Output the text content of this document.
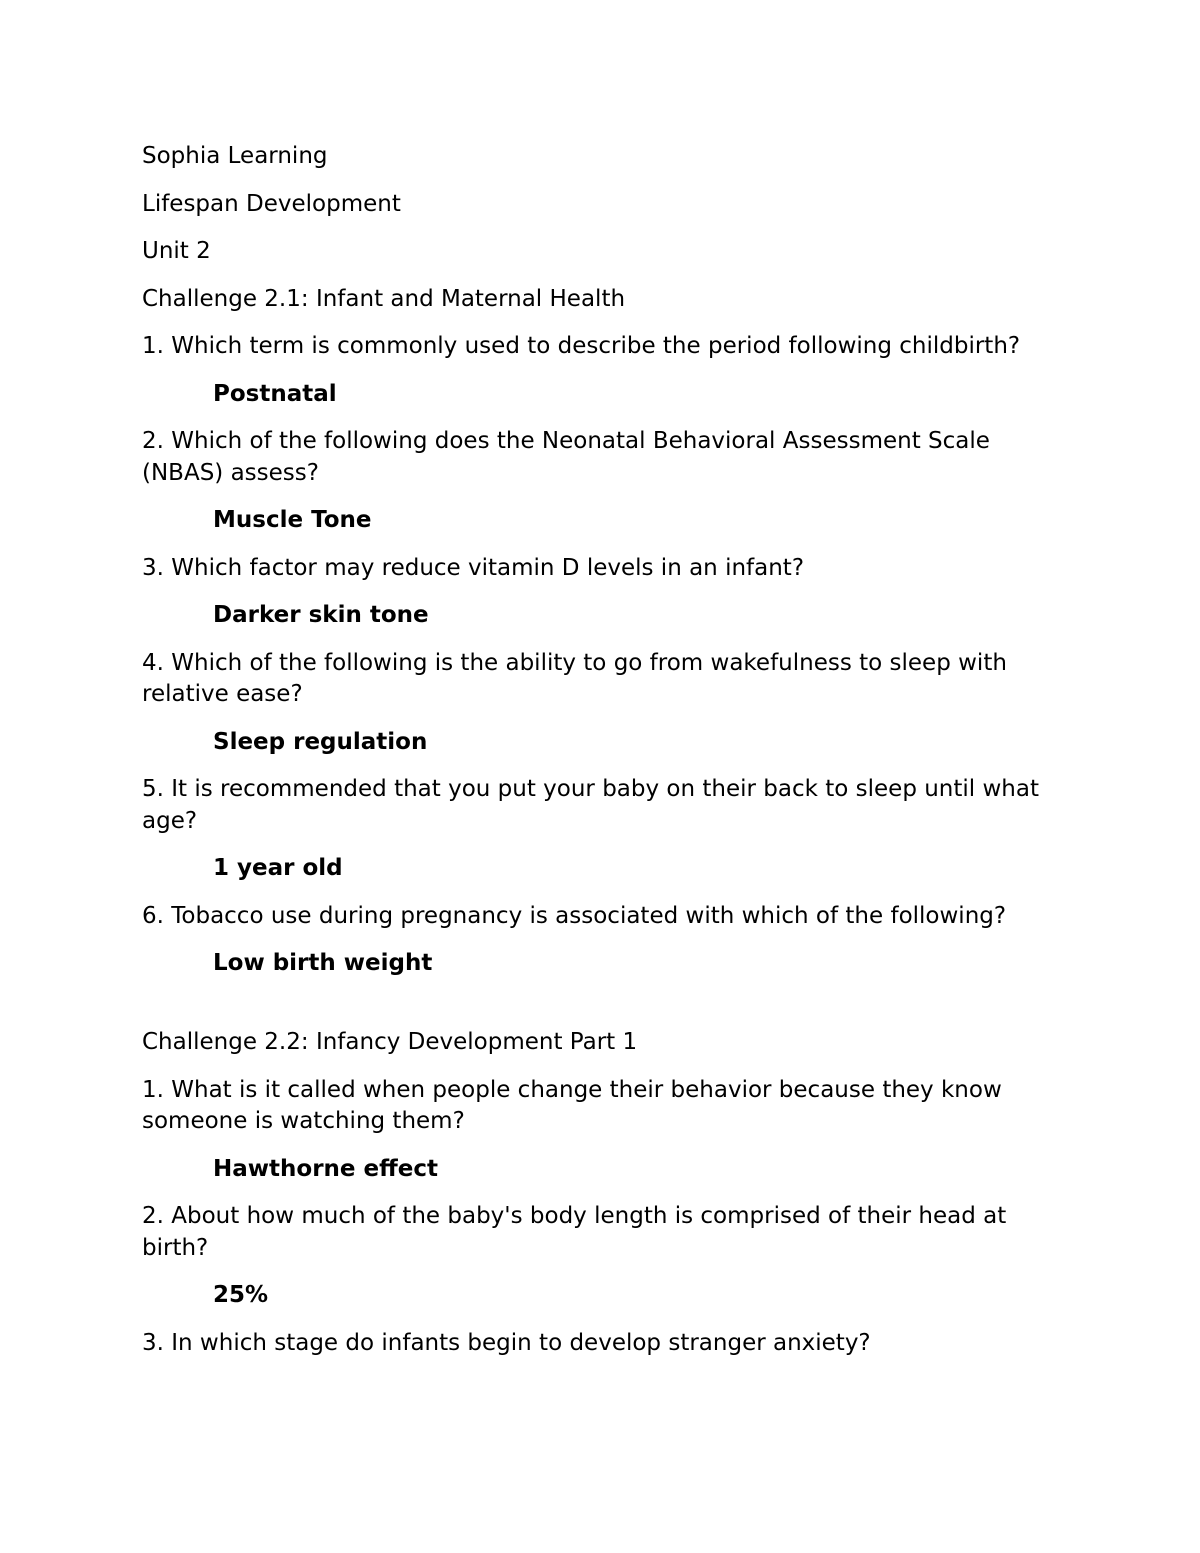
Sophia Learning

Lifespan Development

Unit 2

Challenge 2.1: Infant and Maternal Health

1. Which term is commonly used to describe the period following childbirth?

Postnatal

2. Which of the following does the Neonatal Behavioral Assessment Scale (NBAS) assess?

Muscle Tone

3. Which factor may reduce vitamin D levels in an infant?

Darker skin tone

4. Which of the following is the ability to go from wakefulness to sleep with relative ease?

Sleep regulation

5. It is recommended that you put your baby on their back to sleep until what age?

1 year old

6. Tobacco use during pregnancy is associated with which of the following?

Low birth weight

Challenge 2.2: Infancy Development Part 1

1. What is it called when people change their behavior because they know someone is watching them?

Hawthorne effect

2. About how much of the baby's body length is comprised of their head at birth?

25%

3. In which stage do infants begin to develop stranger anxiety?
